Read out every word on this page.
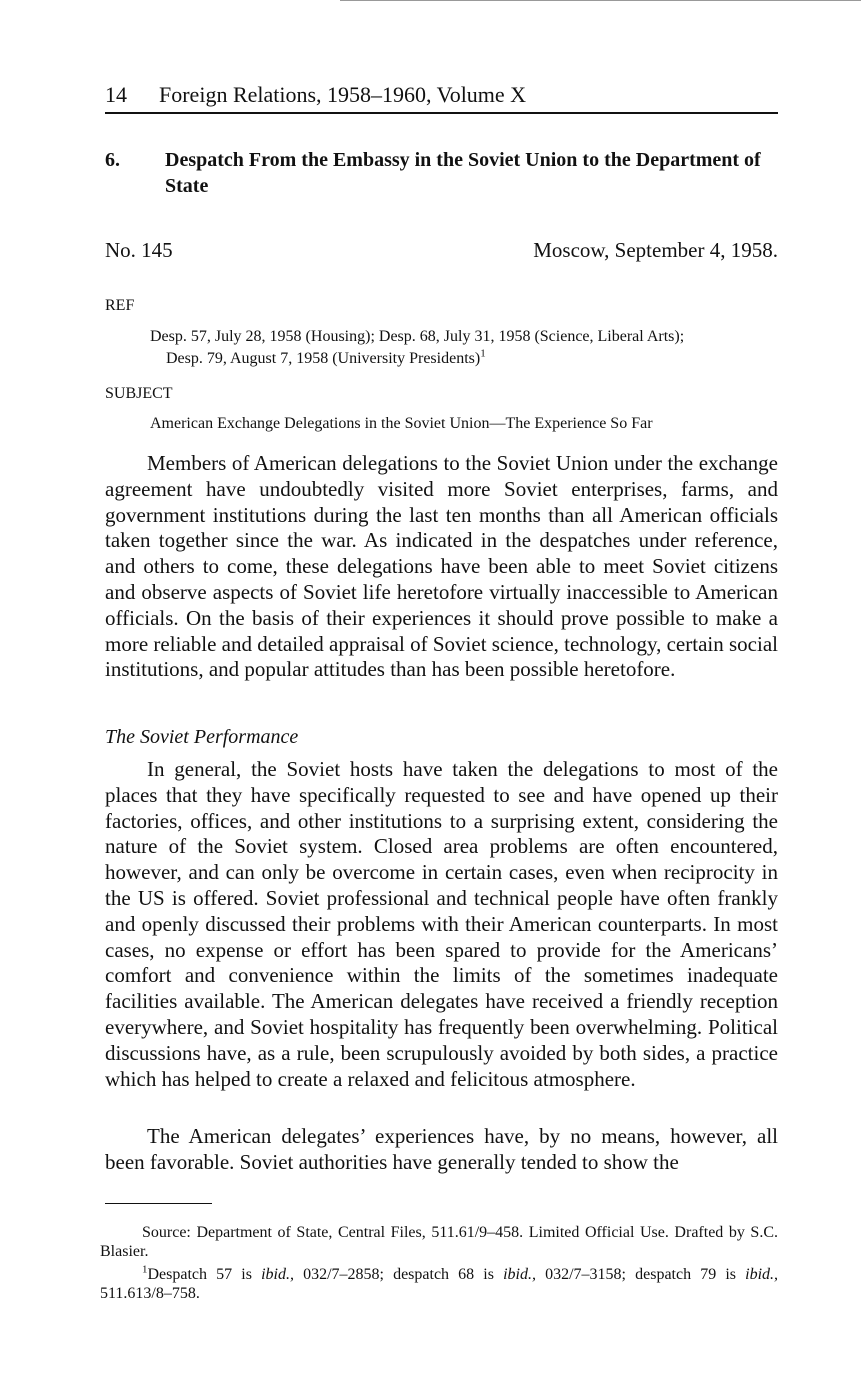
14 Foreign Relations, 1958–1960, Volume X
6. Despatch From the Embassy in the Soviet Union to the Department of State
No. 145	Moscow, September 4, 1958.
REF
Desp. 57, July 28, 1958 (Housing); Desp. 68, July 31, 1958 (Science, Liberal Arts);
Desp. 79, August 7, 1958 (University Presidents)$^1$
SUBJECT
American Exchange Delegations in the Soviet Union—The Experience So Far

Members of American delegations to the Soviet Union under the exchange agreement have undoubtedly visited more Soviet enterprises, farms, and government institutions during the last ten months than all American officials taken together since the war. As indicated in the despatches under reference, and others to come, these delegations have been able to meet Soviet citizens and observe aspects of Soviet life heretofore virtually inaccessible to American officials. On the basis of their experiences it should prove possible to make a more reliable and detailed appraisal of Soviet science, technology, certain social institutions, and popular attitudes than has been possible heretofore.

The Soviet Performance

In general, the Soviet hosts have taken the delegations to most of the places that they have specifically requested to see and have opened up their factories, offices, and other institutions to a surprising extent, considering the nature of the Soviet system. Closed area problems are often encountered, however, and can only be overcome in certain cases, even when reciprocity in the US is offered. Soviet professional and technical people have often frankly and openly discussed their problems with their American counterparts. In most cases, no expense or effort has been spared to provide for the Americans’ comfort and convenience within the limits of the sometimes inadequate facilities available. The American delegates have received a friendly reception everywhere, and Soviet hospitality has frequently been overwhelming. Political discussions have, as a rule, been scrupulously avoided by both sides, a practice which has helped to create a relaxed and felicitous atmosphere.

The American delegates’ experiences have, by no means, however, all been favorable. Soviet authorities have generally tended to show the

Source: Department of State, Central Files, 511.61/9–458. Limited Official Use. Drafted by S.C. Blasier.

$^1$Despatch 57 is ibid., 032/7–2858; despatch 68 is ibid., 032/7–3158; despatch 79 is ibid., 511.613/8–758.
